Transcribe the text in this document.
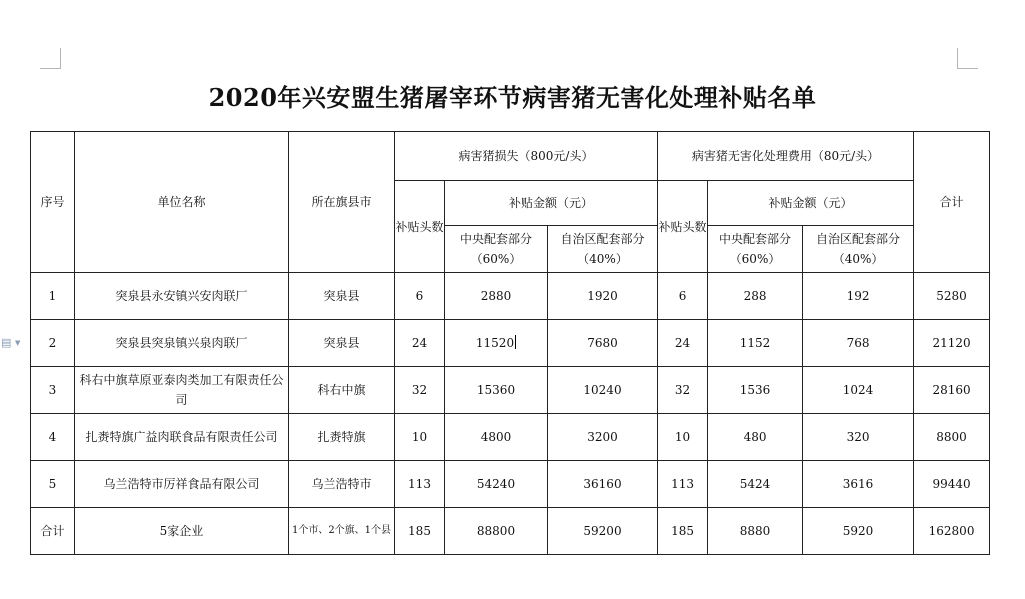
▤ ▼
2020年兴安盟生猪屠宰环节病害猪无害化处理补贴名单
序号	单位名称	所在旗县市	病害猪损失（800元/头）			病害猪无害化处理费用（80元/头）			合计
			补贴头数	补贴金额（元）		补贴头数	补贴金额（元）		
				中央配套部分（60%）	自治区配套部分（40%）		中央配套部分（60%）	自治区配套部分（40%）	
1	突泉县永安镇兴安肉联厂	突泉县	6	2880	1920	6	288	192	5280
2	突泉县突泉镇兴泉肉联厂	突泉县	24	11520	7680	24	1152	768	21120
3	科右中旗草原亚泰肉类加工有限责任公司	科右中旗	32	15360	10240	32	1536	1024	28160
4	扎赉特旗广益肉联食品有限责任公司	扎赉特旗	10	4800	3200	10	480	320	8800
5	乌兰浩特市厉祥食品有限公司	乌兰浩特市	113	54240	36160	113	5424	3616	99440
合计	5家企业	1个市、2个旗、1个县	185	88800	59200	185	8880	5920	162800
